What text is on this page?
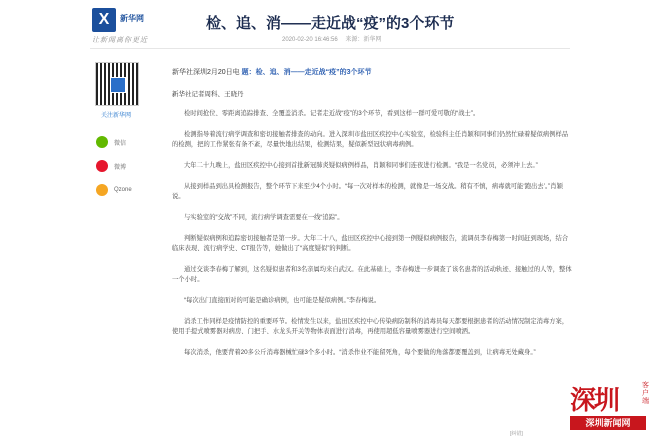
X	新华网
让新闻离你更近
检、追、消——走近战“疫”的3个环节
2020-02-20 16:46:56 来源：新华网
关注新华网
微信
微博
Qzone
新华社深圳2月20日电 题：检、追、消——走近战“疫”的3个环节
新华社记者周科、王晓丹
检时间抢位、零距离追踪排查、全覆盖消杀。记者走近战“疫”的3个环节，看到这样一群可爱可敬的“战士”。
检测指导着流行病学调查和密切接触者排查的动向。进入深圳市盐田区疾控中心实验室，检验科主任肖颖和同事们仍然忙碌着疑似病例样品的检测，把的工作紧张有条不紊，尽量快地出结果，检测结果，疑似新型冠状病毒病例。
大年二十九晚上，盐田区疾控中心接到首批新冠肺炎疑似病例样品，肖颖和同事们连夜进行检测。“我是一名党员，必须冲上去。”
从接到样品到出具检测报告，整个环节下来至少4个小时。“每一次对样本的检测，就像是一场交战。稍有不慎，病毒就可能‘跑出去’。”肖颖说。
与实验室的“交战”不同，流行病学调查需要在一线“追踪”。
判断疑似病例和追踪密切接触者是第一步。大年二十八，盐田区疾控中心接到第一例疑似病例报告，流调员李春梅第一时间赶到现场，结合临床表现、流行病学史、CT报告等，她做出了“高度疑似”的判断。
通过交谈李春梅了解到，这名疑似患者和3名亲属均来自武汉。在此基础上，李春梅进一步调查了该名患者的活动轨迹、接触过的人等，整体一个小时。
“每次出门直接面对的可能是确诊病例，也可能是疑似病例。”李春梅说。
消杀工作同样是疫情防控的重要环节。检情发生以来，盐田区疾控中心传染病防制科的消毒员每天都要根据患者的活动情况制定消毒方案，使用手提式喷雾器对病房、门把手、水龙头开关等物体表面进行消毒，再使用超低容量喷雾器进行空间喷洒。
每次消杀，他要背着20多公斤消毒器械忙碌3个多小时。“消杀作业不能留死角，每个要做的角落都要覆盖到，让病毒无处藏身。”
[纠错]
深圳	客户端
深圳新闻网
